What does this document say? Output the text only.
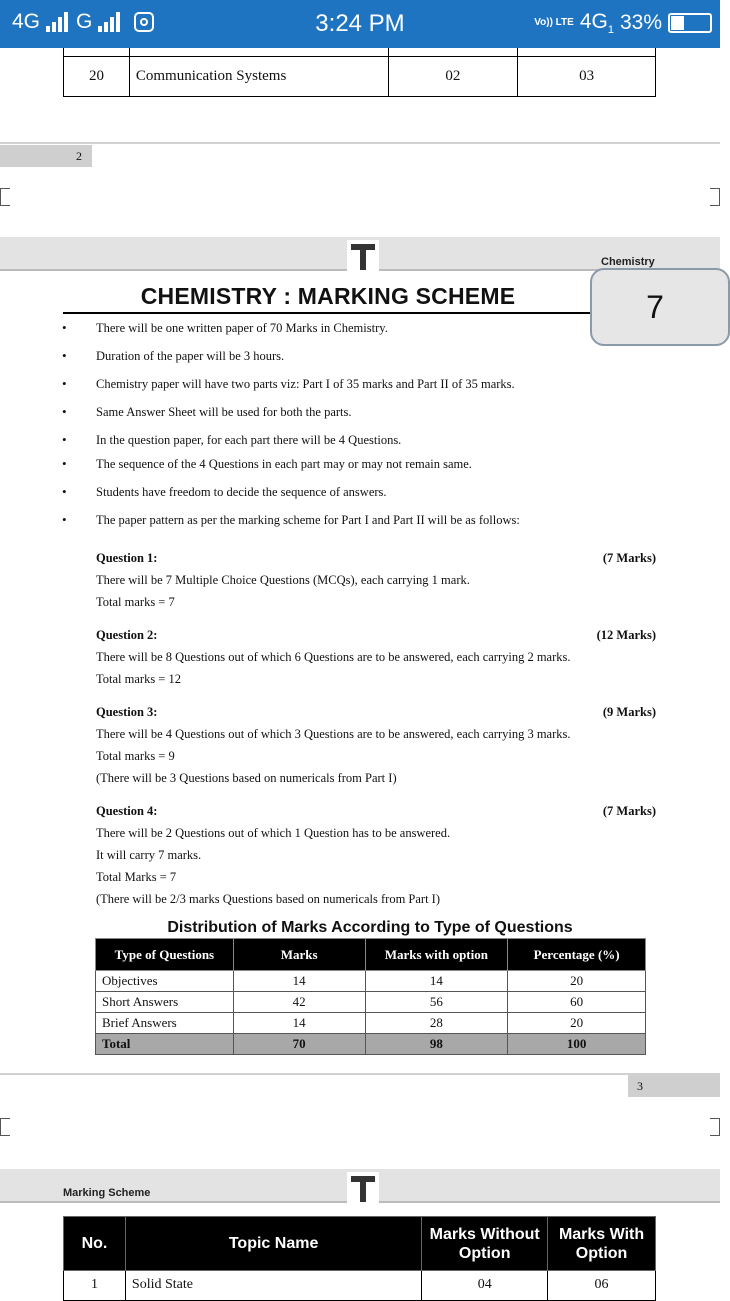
4G G	3:24 PM	Vo)) LTE $4G_1$ 33%

20	Communication Systems	02	03
2
Chemistry
CHEMISTRY : MARKING SCHEME	7
• There will be one written paper of 70 Marks in Chemistry.
• Duration of the paper will be 3 hours.
• Chemistry paper will have two parts viz: Part I of 35 marks and Part II of 35 marks.
• Same Answer Sheet will be used for both the parts.
• In the question paper, for each part there will be 4 Questions.
• The sequence of the 4 Questions in each part may or may not remain same.
• Students have freedom to decide the sequence of answers.
• The paper pattern as per the marking scheme for Part I and Part II will be as follows:
Question 1:	(7 Marks)
There will be 7 Multiple Choice Questions (MCQs), each carrying 1 mark.
Total marks = 7
Question 2:	(12 Marks)
There will be 8 Questions out of which 6 Questions are to be answered, each carrying 2 marks.
Total marks = 12
Question 3:	(9 Marks)
There will be 4 Questions out of which 3 Questions are to be answered, each carrying 3 marks.
Total marks = 9
(There will be 3 Questions based on numericals from Part I)
Question 4:	(7 Marks)
There will be 2 Questions out of which 1 Question has to be answered.
It will carry 7 marks.
Total Marks = 7
(There will be 2/3 marks Questions based on numericals from Part I)
Distribution of Marks According to Type of Questions
Type of Questions	Marks	Marks with option	Percentage (%)
Objectives	14	14	20
Short Answers	42	56	60
Brief Answers	14	28	20
Total	70	98	100
3
Marking Scheme
No.	Topic Name	Marks Without Option	Marks With Option
1	Solid State	04	06
